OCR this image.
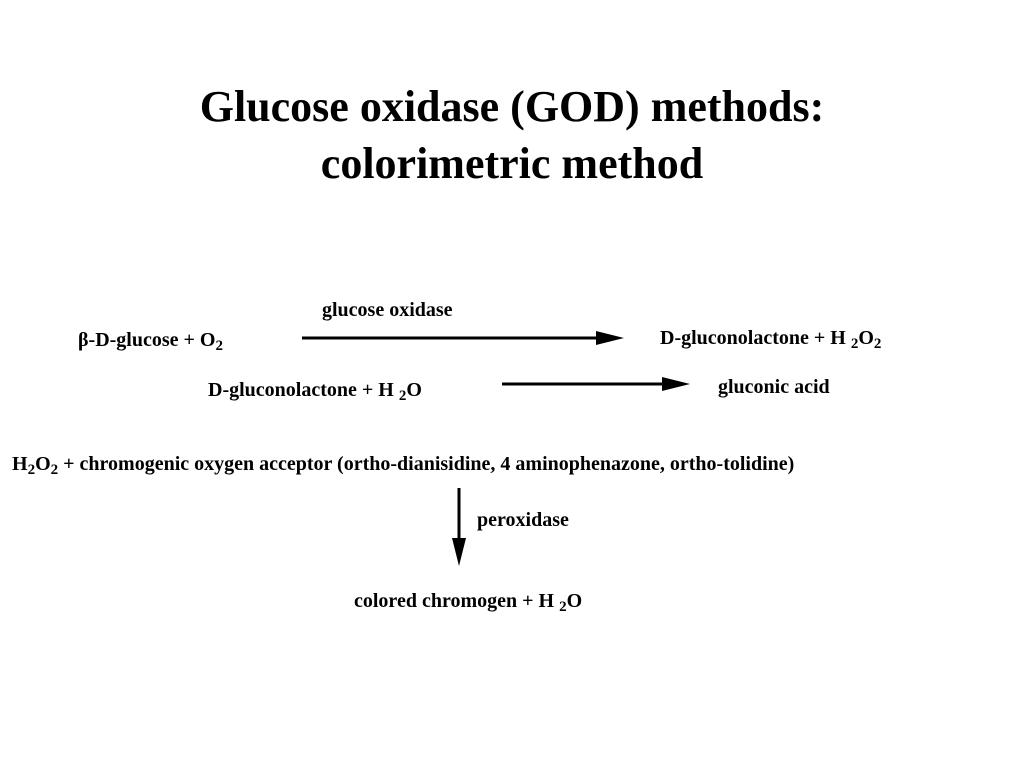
Glucose oxidase (GOD) methods:
colorimetric method
$\beta-D-glucose + O_2$
glucose oxidase
D-gluconolactone + H $_2O_2$
D-gluconolactone + H $_2$O	gluconic acid
$H_2O_2$ + chromogenic oxygen acceptor (ortho-dianisidine, 4 aminophenazone, ortho-tolidine)
peroxidase
colored chromogen + H $_2$O
